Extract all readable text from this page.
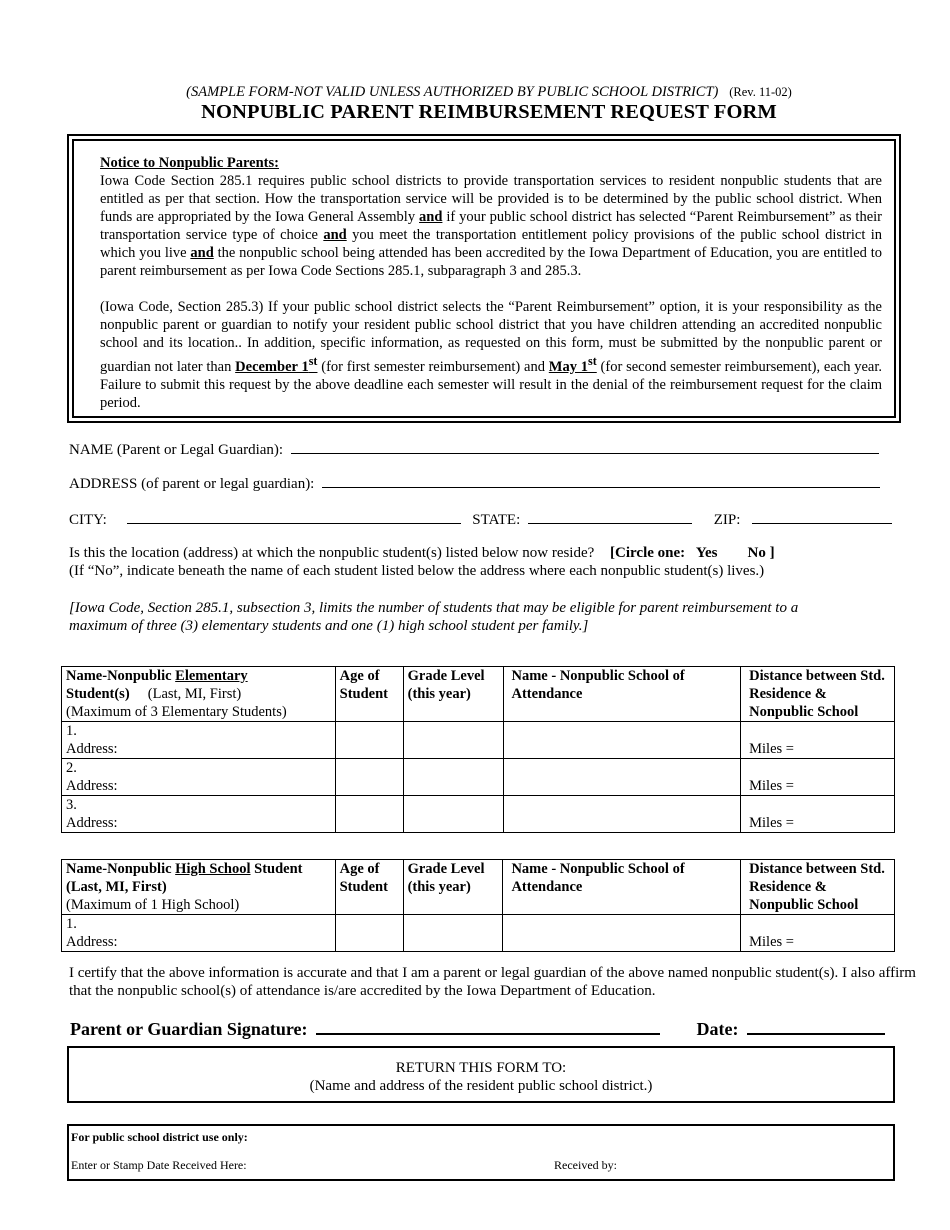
(SAMPLE FORM-NOT VALID UNLESS AUTHORIZED BY PUBLIC SCHOOL DISTRICT) (Rev. 11-02)
NONPUBLIC PARENT REIMBURSEMENT REQUEST FORM

Notice to Nonpublic Parents:
Iowa Code Section 285.1 requires public school districts to provide transportation services to resident nonpublic students that are entitled as per that section. How the transportation service will be provided is to be determined by the public school district. When funds are appropriated by the Iowa General Assembly and if your public school district has selected “Parent Reimbursement” as their transportation service type of choice and you meet the transportation entitlement policy provisions of the public school district in which you live and the nonpublic school being attended has been accredited by the Iowa Department of Education, you are entitled to parent reimbursement as per Iowa Code Sections 285.1, subparagraph 3 and 285.3.

(Iowa Code, Section 285.3) If your public school district selects the “Parent Reimbursement” option, it is your responsibility as the nonpublic parent or guardian to notify your resident public school district that you have children attending an accredited nonpublic school and its location.. In addition, specific information, as requested on this form, must be submitted by the nonpublic parent or guardian not later than December 1st (for first semester reimbursement) and May 1st (for second semester reimbursement), each year. Failure to submit this request by the above deadline each semester will result in the denial of the reimbursement request for the claim period.

NAME (Parent or Legal Guardian):
ADDRESS (of parent or legal guardian):
CITY:	STATE:	ZIP:
Is this the location (address) at which the nonpublic student(s) listed below now reside? [Circle one:   Yes        No ]
(If “No”, indicate beneath the name of each student listed below the address where each nonpublic student(s) lives.)
[Iowa Code, Section 285.1, subsection 3, limits the number of students that may be eligible for parent reimbursement to a maximum of three (3) elementary students and one (1) high school student per family.]
Name-Nonpublic Elementary
Student(s) (Last, MI, First)
(Maximum of 3 Elementary Students)	Age of Student	Grade Level (this year)	Name - Nonpublic School of Attendance	Distance between Std. Residence & Nonpublic School
1.
Address:				Miles =
2.
Address:				Miles =
3.
Address:				Miles =
Name-Nonpublic High School Student
(Last, MI, First)
(Maximum of 1 High School)	Age of Student	Grade Level (this year)	Name - Nonpublic School of Attendance	Distance between Std. Residence & Nonpublic School
1.
Address:				Miles =
I certify that the above information is accurate and that I am a parent or legal guardian of the above named nonpublic student(s). I also affirm that the nonpublic school(s) of attendance is/are accredited by the Iowa Department of Education.
Parent or Guardian Signature:	Date:
RETURN THIS FORM TO:
(Name and address of the resident public school district.)
For public school district use only:
Enter or Stamp Date Received Here:	Received by:
